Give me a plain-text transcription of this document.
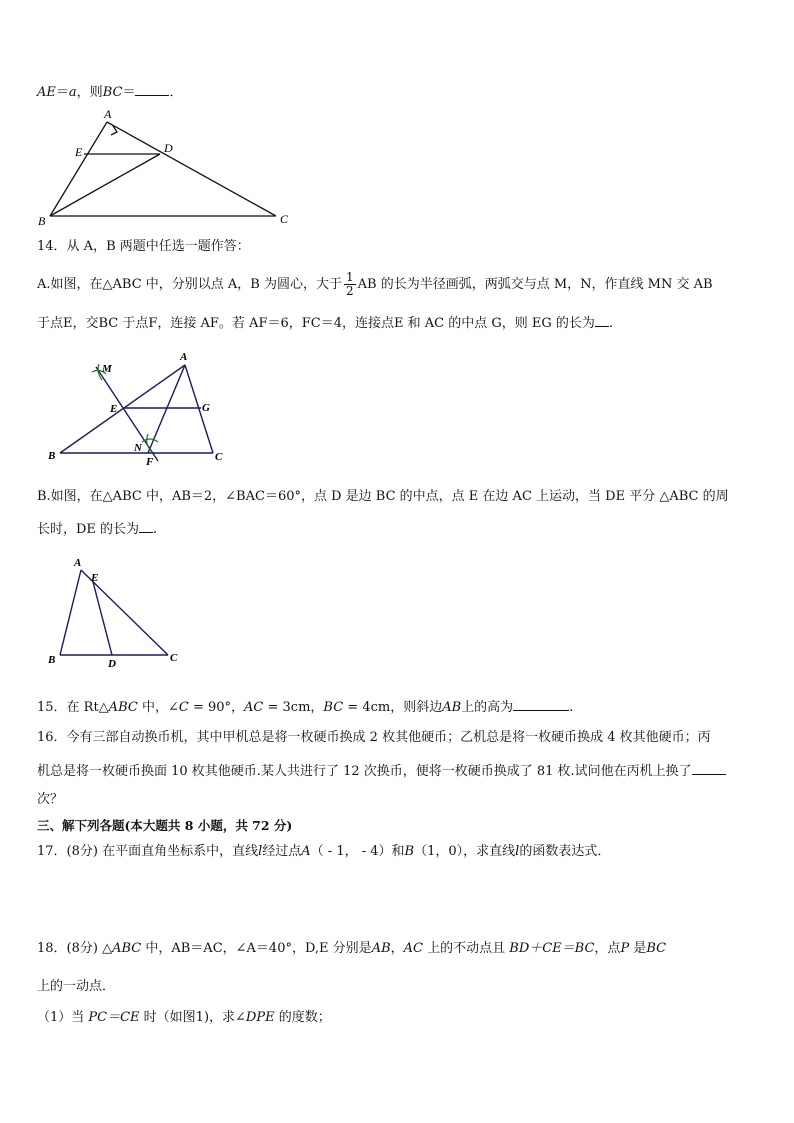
AE＝a，则BC＝	．
A
E	D
B	C
14．从 A，B 两题中任选一题作答：
A.如图，在△ABC 中，分别以点 A，B 为圆心，大于 $\frac{1}{2}$ AB 的长为半径画弧，两弧交与点 M，N，作直线 MN 交 AB
于点E，交BC 于点F，连接 AF。若 AF＝6，FC＝4，连接点E 和 AC 的中点 G，则 EG 的长为 .
M
A
E	G
B
N
F	C
B.如图，在△ABC 中，AB＝2，∠BAC＝60°，点 D 是边 BC 的中点，点 E 在边 AC 上运动，当 DE 平分 △ABC 的周
长时，DE 的长为 .
A
E
B	D	C
15．在 Rt△ABC 中，∠C = 90°，AC = 3cm，BC = 4cm，则斜边AB上的高为	.
16．今有三部自动换币机，其中甲机总是将一枚硬币换成 2 枚其他硬币；乙机总是将一枚硬币换成 4 枚其他硬币；丙
机总是将一枚硬币换面 10 枚其他硬币.某人共进行了 12 次换币，便将一枚硬币换成了 81 枚.试问他在丙机上换了
次？
三、解下列各题(本大题共 8 小题，共 72 分)
17．(8分) 在平面直角坐标系中，直线l经过点A（ - 1， - 4）和B（1，0），求直线l的函数表达式．
18．(8分) △ABC 中，AB＝AC，∠A＝40°，D,E 分别是AB，AC 上的不动点且 BD＋CE＝BC，点P 是BC
上的一动点．
（1）当 PC＝CE 时（如图1)，求∠DPE 的度数；
